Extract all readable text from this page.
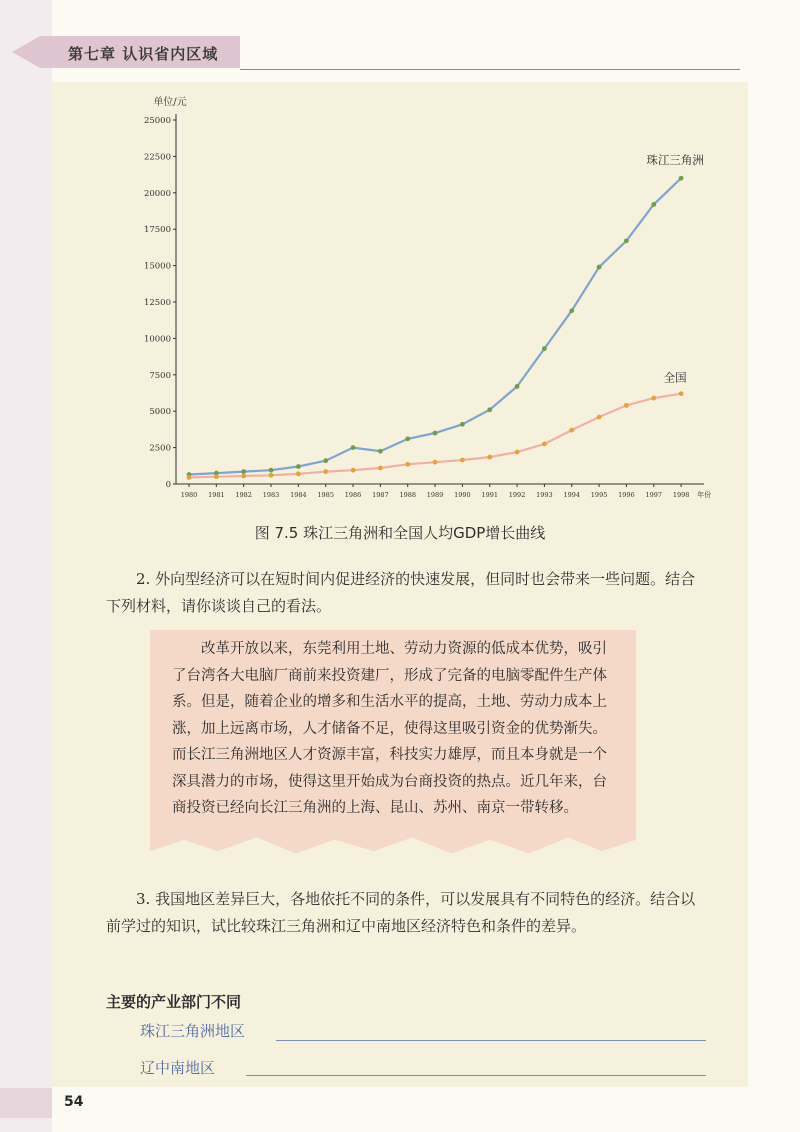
第七章 认识省内区域
单位/元
0
2500
5000
7500
10000
12500
15000
17500
20000
22500
25000
1980 1981 1982 1983 1984 1985 1986 1987 1988 1989 1990 1991 1992 1993 1994 1995 1996 1997 1998 年份
珠江三角洲
全国
图 7.5 珠江三角洲和全国人均GDP增长曲线

2. 外向型经济可以在短时间内促进经济的快速发展，但同时也会带来一些问题。结合下列材料，请你谈谈自己的看法。

改革开放以来，东莞利用土地、劳动力资源的低成本优势，吸引了台湾各大电脑厂商前来投资建厂，形成了完备的电脑零配件生产体系。但是，随着企业的增多和生活水平的提高，土地、劳动力成本上涨，加上远离市场，人才储备不足，使得这里吸引资金的优势渐失。而长江三角洲地区人才资源丰富，科技实力雄厚，而且本身就是一个深具潜力的市场，使得这里开始成为台商投资的热点。近几年来，台商投资已经向长江三角洲的上海、昆山、苏州、南京一带转移。

3. 我国地区差异巨大，各地依托不同的条件，可以发展具有不同特色的经济。结合以前学过的知识，试比较珠江三角洲和辽中南地区经济特色和条件的差异。

主要的产业部门不同
珠江三角洲地区
辽中南地区
54
